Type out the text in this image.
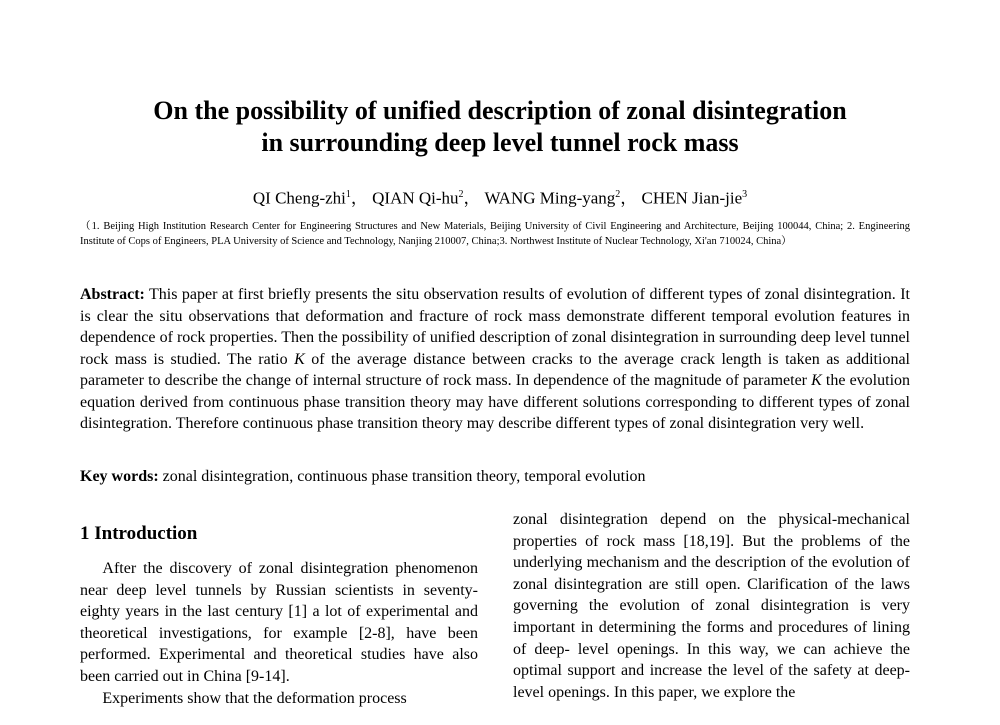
On the possibility of unified description of zonal disintegration
in surrounding deep level tunnel rock mass
QI Cheng-zhi$^1$， QIAN $Qi-hu^2$， WANG Ming-yang$^2$， CHEN Jian-jie$^3$
（1. Beijing High Institution Research Center for Engineering Structures and New Materials, Beijing University of Civil Engineering and Architecture, Beijing 100044, China; 2. Engineering Institute of Cops of Engineers, PLA University of Science and Technology, Nanjing 210007, China;3. Northwest Institute of Nuclear Technology, Xi'an 710024, China）
Abstract: This paper at first briefly presents the situ observation results of evolution of different types of zonal disintegration. It is clear the situ observations that deformation and fracture of rock mass demonstrate different temporal evolution features in dependence of rock properties. Then the possibility of unified description of zonal disintegration in surrounding deep level tunnel rock mass is studied. The ratio K of the average distance between cracks to the average crack length is taken as additional parameter to describe the change of internal structure of rock mass. In dependence of the magnitude of parameter K the evolution equation derived from continuous phase transition theory may have different solutions corresponding to different types of zonal disintegration. Therefore continuous phase transition theory may describe different types of zonal disintegration very well.
Key words: zonal disintegration, continuous phase transition theory, temporal evolution
1 Introduction

After the discovery of zonal disintegration phenomenon near deep level tunnels by Russian scientists in seventy-eighty years in the last century [1] a lot of experimental and theoretical investigations, for example [2-8], have been performed. Experimental and theoretical studies have also been carried out in China [9-14].

Experiments show that the deformation process

zonal disintegration depend on the physical-mechanical properties of rock mass [18,19]. But the problems of the underlying mechanism and the description of the evolution of zonal disintegration are still open. Clarification of the laws governing the evolution of zonal disintegration is very important in determining the forms and procedures of lining of deep- level openings. In this way, we can achieve the optimal support and increase the level of the safety at deep-level openings. In this paper, we explore the
